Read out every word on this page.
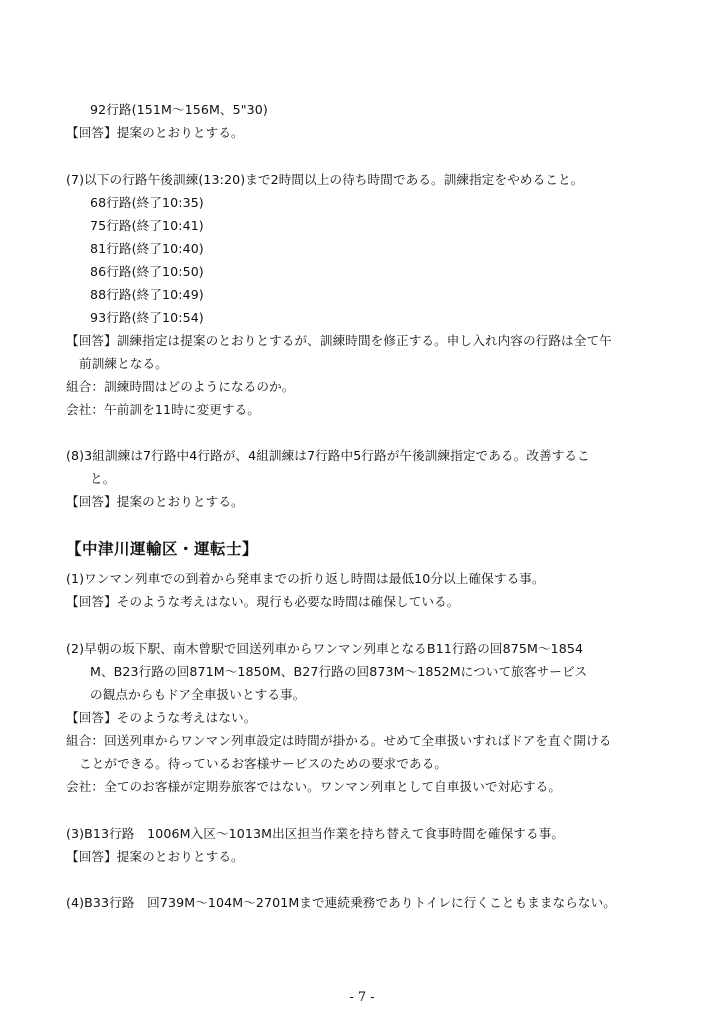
92行路(151M～156M、5"30)
【回答】提案のとおりとする。
(7)以下の行路午後訓練(13:20)まで2時間以上の待ち時間である。訓練指定をやめること。
68行路(終了10:35)
75行路(終了10:41)
81行路(終了10:40)
86行路(終了10:50)
88行路(終了10:49)
93行路(終了10:54)
【回答】訓練指定は提案のとおりとするが、訓練時間を修正する。申し入れ内容の行路は全て午
前訓練となる。
組合：訓練時間はどのようになるのか。
会社：午前訓を11時に変更する。
(8)3組訓練は7行路中4行路が、4組訓練は7行路中5行路が午後訓練指定である。改善するこ
と。
【回答】提案のとおりとする。
【中津川運輸区・運転士】
(1)ワンマン列車での到着から発車までの折り返し時間は最低10分以上確保する事。
【回答】そのような考えはない。現行も必要な時間は確保している。
(2)早朝の坂下駅、南木曾駅で回送列車からワンマン列車となるB11行路の回875M～1854
M、B23行路の回871M～1850M、B27行路の回873M～1852Mについて旅客サービス
の観点からもドア全車扱いとする事。
【回答】そのような考えはない。
組合：回送列車からワンマン列車設定は時間が掛かる。せめて全車扱いすればドアを直ぐ開ける
ことができる。待っているお客様サービスのための要求である。
会社：全てのお客様が定期券旅客ではない。ワンマン列車として自車扱いで対応する。
(3)B13行路　1006M入区～1013M出区担当作業を持ち替えて食事時間を確保する事。
【回答】提案のとおりとする。
(4)B33行路　回739M～104M～2701Mまで連続乗務でありトイレに行くこともままならない。
- 7 -
